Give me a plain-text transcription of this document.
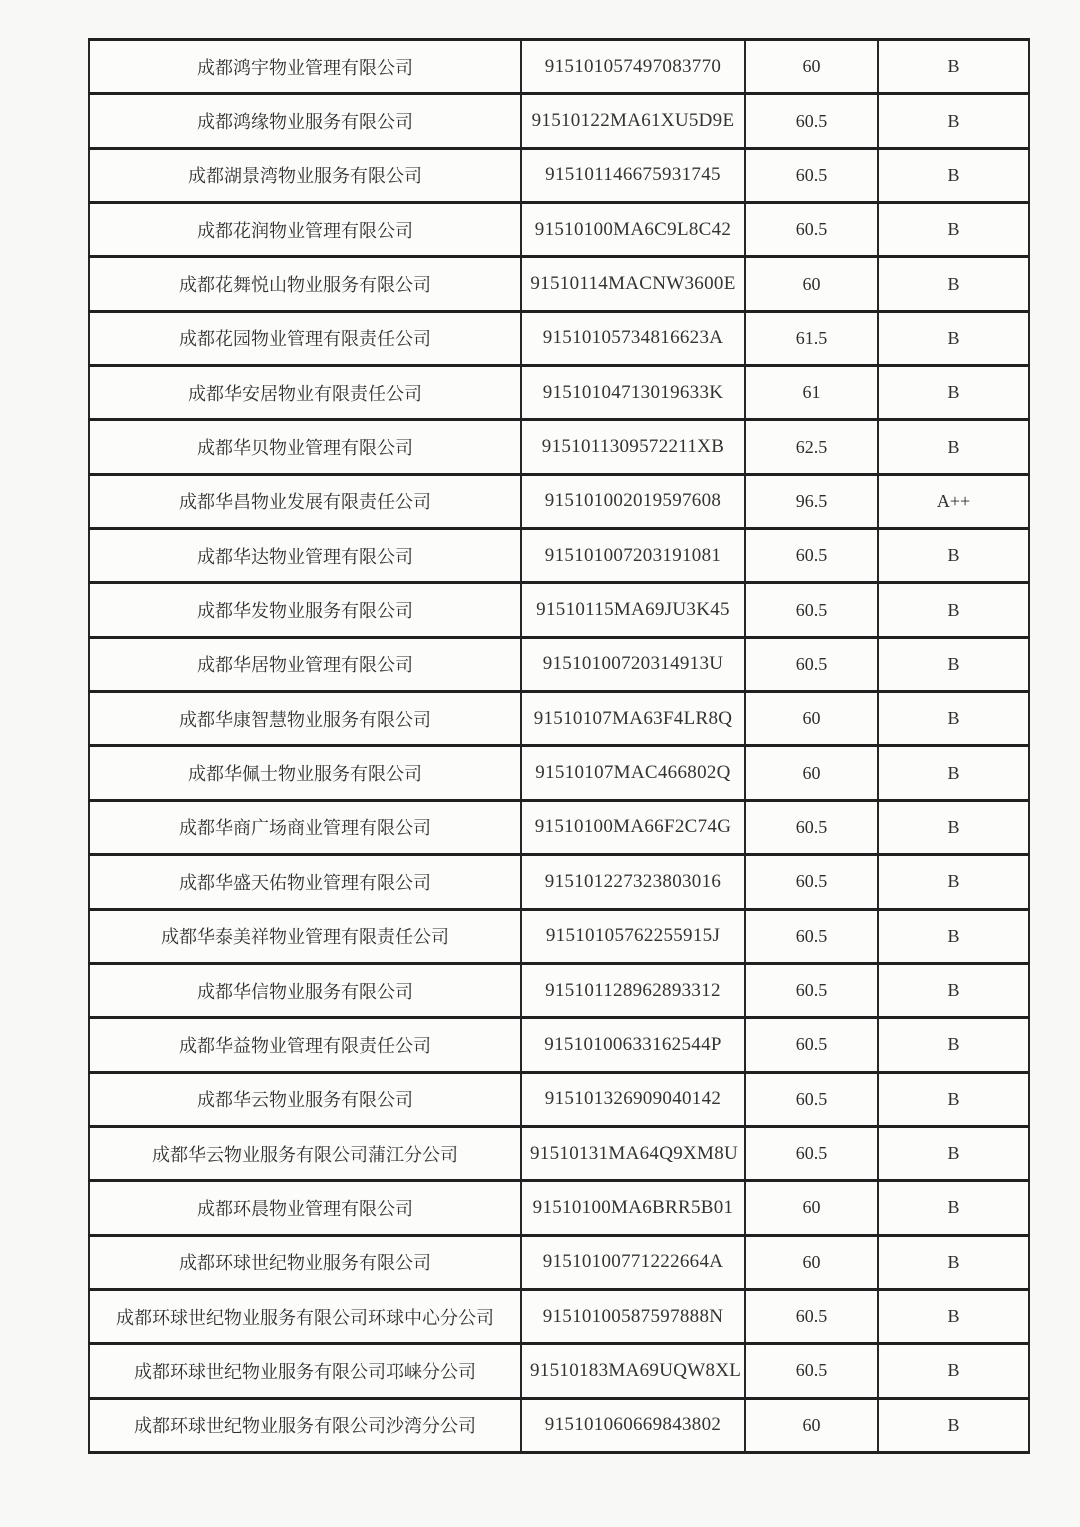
成都鸿宇物业管理有限公司	915101057497083770	60	B
成都鸿缘物业服务有限公司	91510122MA61XU5D9E	60.5	B
成都湖景湾物业服务有限公司	915101146675931745	60.5	B
成都花润物业管理有限公司	91510100MA6C9L8C42	60.5	B
成都花舞悦山物业服务有限公司	91510114MACNW3600E	60	B
成都花园物业管理有限责任公司	91510105734816623A	61.5	B
成都华安居物业有限责任公司	91510104713019633K	61	B
成都华贝物业管理有限公司	9151011309572211XB	62.5	B
成都华昌物业发展有限责任公司	915101002019597608	96.5	A++
成都华达物业管理有限公司	915101007203191081	60.5	B
成都华发物业服务有限公司	91510115MA69JU3K45	60.5	B
成都华居物业管理有限公司	91510100720314913U	60.5	B
成都华康智慧物业服务有限公司	91510107MA63F4LR8Q	60	B
成都华佩士物业服务有限公司	91510107MAC466802Q	60	B
成都华商广场商业管理有限公司	91510100MA66F2C74G	60.5	B
成都华盛天佑物业管理有限公司	915101227323803016	60.5	B
成都华泰美祥物业管理有限责任公司	91510105762255915J	60.5	B
成都华信物业服务有限公司	915101128962893312	60.5	B
成都华益物业管理有限责任公司	91510100633162544P	60.5	B
成都华云物业服务有限公司	915101326909040142	60.5	B
成都华云物业服务有限公司蒲江分公司	91510131MA64Q9XM8U	60.5	B
成都环晨物业管理有限公司	91510100MA6BRR5B01	60	B
成都环球世纪物业服务有限公司	91510100771222664A	60	B
成都环球世纪物业服务有限公司环球中心分公司	91510100587597888N	60.5	B
成都环球世纪物业服务有限公司邛崃分公司	91510183MA69UQW8XL	60.5	B
成都环球世纪物业服务有限公司沙湾分公司	915101060669843802	60	B
